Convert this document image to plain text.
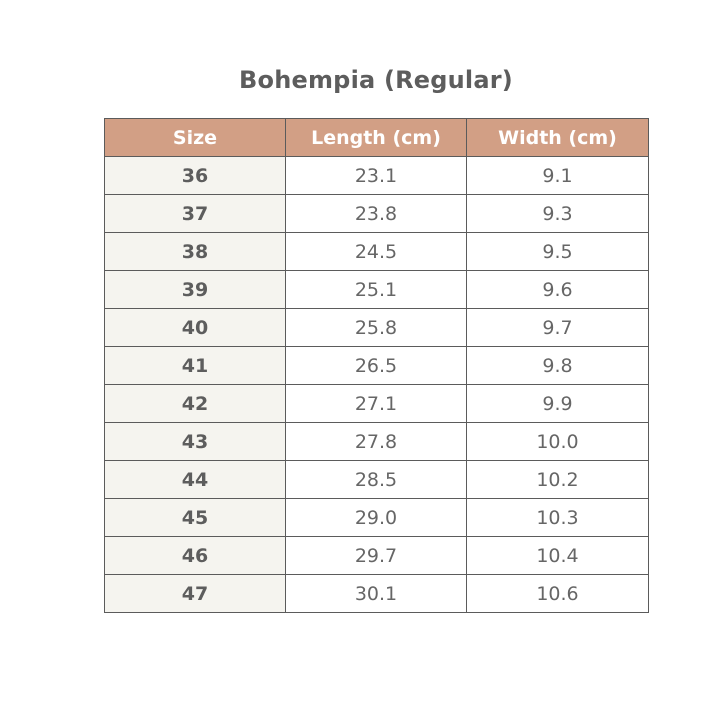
Bohempia (Regular)
Size	Length (cm)	Width (cm)
36	23.1	9.1
37	23.8	9.3
38	24.5	9.5
39	25.1	9.6
40	25.8	9.7
41	26.5	9.8
42	27.1	9.9
43	27.8	10.0
44	28.5	10.2
45	29.0	10.3
46	29.7	10.4
47	30.1	10.6
